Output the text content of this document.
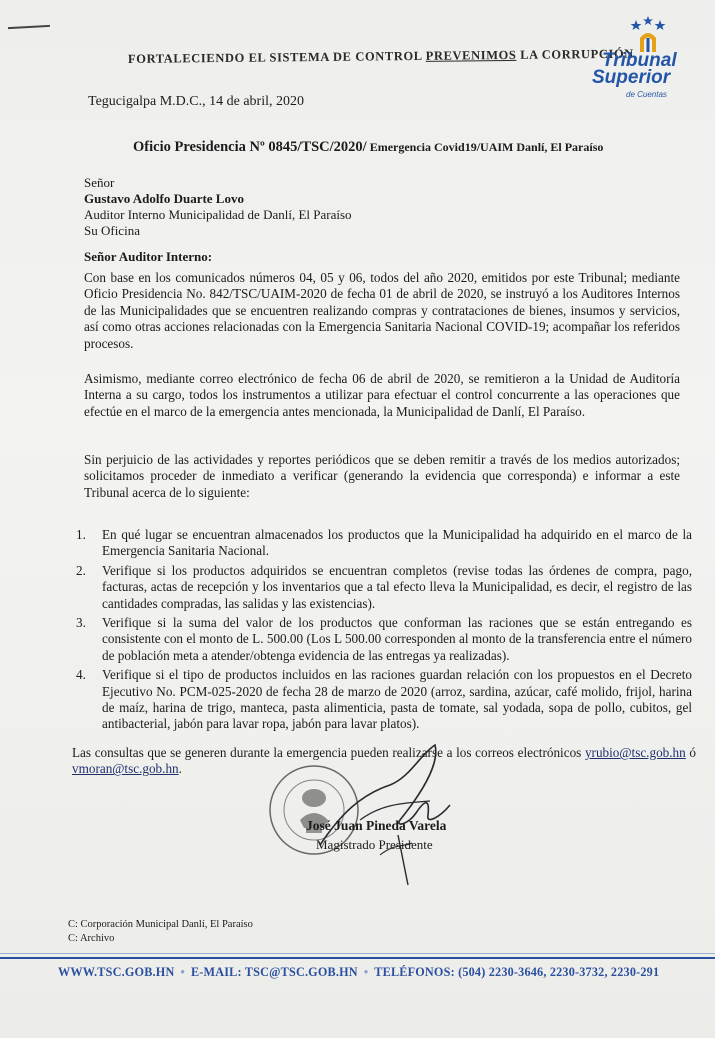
FORTALECIENDO EL SISTEMA DE CONTROL PREVENIMOS LA CORRUPCIÓN
Tribunal
Superior
de Cuentas
Tegucigalpa M.D.C., 14 de abril, 2020
Oficio Presidencia Nº 0845/TSC/2020/ Emergencia Covid19/UAIM Danlí, El Paraíso
Señor
Gustavo Adolfo Duarte Lovo
Auditor Interno Municipalidad de Danlí, El Paraíso
Su Oficina
Señor Auditor Interno:

Con base en los comunicados números 04, 05 y 06, todos del año 2020, emitidos por este Tribunal; mediante Oficio Presidencia No. 842/TSC/UAIM-2020 de fecha 01 de abril de 2020, se instruyó a los Auditores Internos de las Municipalidades que se encuentren realizando compras y contrataciones de bienes, insumos y servicios, así como otras acciones relacionadas con la Emergencia Sanitaria Nacional COVID-19; acompañar los referidos procesos.

Asimismo, mediante correo electrónico de fecha 06 de abril de 2020, se remitieron a la Unidad de Auditoría Interna a su cargo, todos los instrumentos a utilizar para efectuar el control concurrente a las operaciones que efectúe en el marco de la emergencia antes mencionada, la Municipalidad de Danlí, El Paraíso.

Sin perjuicio de las actividades y reportes periódicos que se deben remitir a través de los medios autorizados; solicitamos proceder de inmediato a verificar (generando la evidencia que corresponda) e informar a este Tribunal acerca de lo siguiente:

1. En qué lugar se encuentran almacenados los productos que la Municipalidad ha adquirido en el marco de la Emergencia Sanitaria Nacional.
2. Verifique si los productos adquiridos se encuentran completos (revise todas las órdenes de compra, pago, facturas, actas de recepción y los inventarios que a tal efecto lleva la Municipalidad, es decir, el registro de las cantidades compradas, las salidas y las existencias).
3. Verifique si la suma del valor de los productos que conforman las raciones que se están entregando es consistente con el monto de L. 500.00 (Los L 500.00 corresponden al monto de la transferencia entre el número de población meta a atender/obtenga evidencia de las entregas ya realizadas).
4. Verifique si el tipo de productos incluidos en las raciones guardan relación con los propuestos en el Decreto Ejecutivo No. PCM-025-2020 de fecha 28 de marzo de 2020 (arroz, sardina, azúcar, café molido, frijol, harina de maíz, harina de trigo, manteca, pasta alimenticia, pasta de tomate, sal yodada, sopa de pollo, cubitos, gel antibacterial, jabón para lavar ropa, jabón para lavar platos).

Las consultas que se generen durante la emergencia pueden realizarse a los correos electrónicos yrubio@tsc.gob.hn ó vmoran@tsc.gob.hn.

José Juan Pineda Varela
Magistrado Presidente
C: Corporación Municipal Danlí, El Paraíso
C: Archivo
WWW.TSC.GOB.HN • E-MAIL: TSC@TSC.GOB.HN • TELÉFONOS: (504) 2230-3646, 2230-3732, 2230-291
